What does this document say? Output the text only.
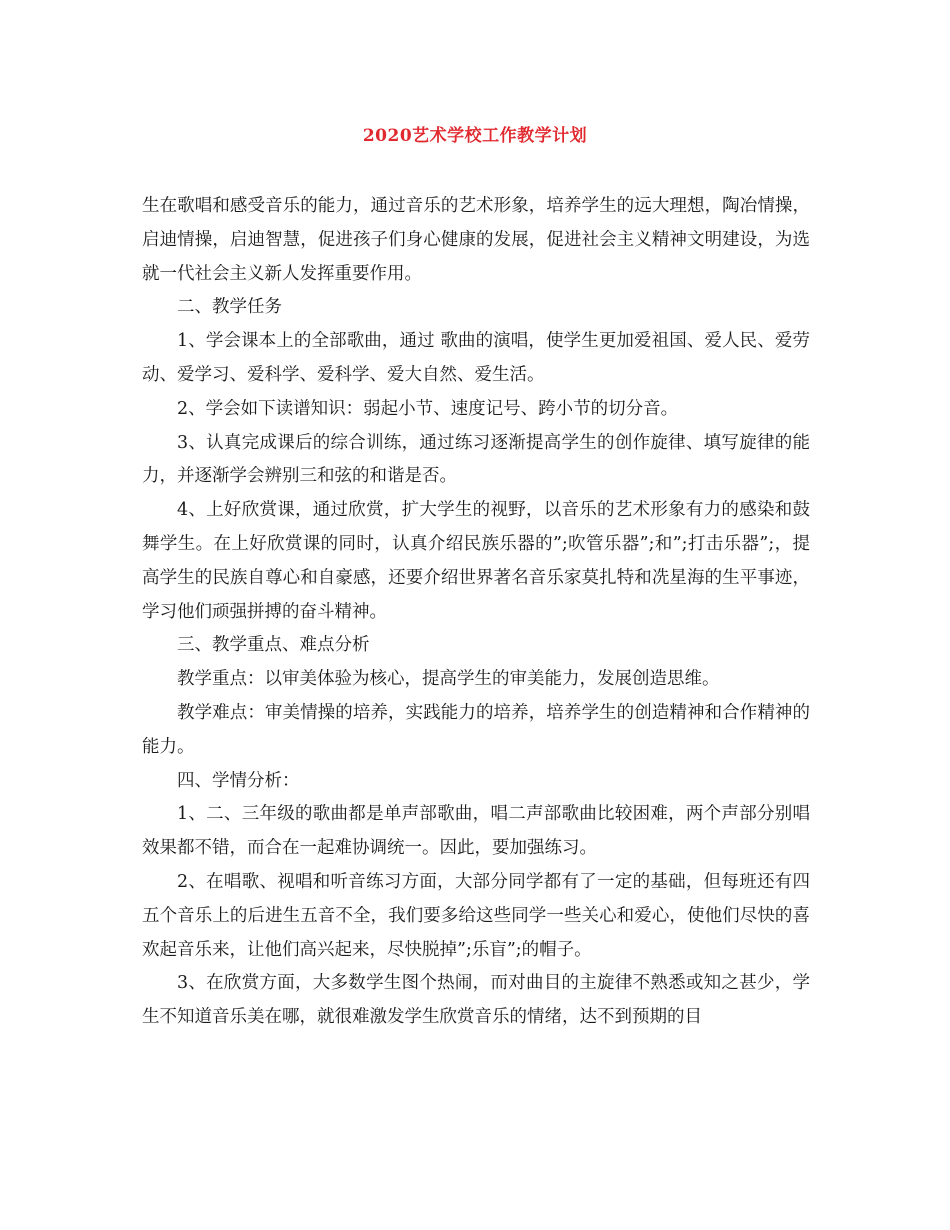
2020艺术学校工作教学计划

生在歌唱和感受音乐的能力，通过音乐的艺术形象，培养学生的远大理想，陶冶情操，启迪情操，启迪智慧，促进孩子们身心健康的发展，促进社会主义精神文明建设，为选就一代社会主义新人发挥重要作用。

二、教学任务

1、学会课本上的全部歌曲，通过 歌曲的演唱，使学生更加爱祖国、爱人民、爱劳动、爱学习、爱科学、爱科学、爱大自然、爱生活。

2、学会如下读谱知识：弱起小节、速度记号、跨小节的切分音。

3、认真完成课后的综合训练，通过练习逐渐提高学生的创作旋律、填写旋律的能力，并逐渐学会辨别三和弦的和谐是否。

4、上好欣赏课，通过欣赏，扩大学生的视野，以音乐的艺术形象有力的感染和鼓舞学生。在上好欣赏课的同时，认真介绍民族乐器的”;吹管乐器”;和”;打击乐器”;，提高学生的民族自尊心和自豪感，还要介绍世界著名音乐家莫扎特和冼星海的生平事迹，学习他们顽强拼搏的奋斗精神。

三、教学重点、难点分析

教学重点：以审美体验为核心，提高学生的审美能力，发展创造思维。

教学难点：审美情操的培养，实践能力的培养，培养学生的创造精神和合作精神的能力。

四、学情分析：

1、二、三年级的歌曲都是单声部歌曲，唱二声部歌曲比较困难，两个声部分别唱效果都不错，而合在一起难协调统一。因此，要加强练习。

2、在唱歌、视唱和听音练习方面，大部分同学都有了一定的基础，但每班还有四五个音乐上的后进生五音不全，我们要多给这些同学一些关心和爱心，使他们尽快的喜欢起音乐来，让他们高兴起来，尽快脱掉”;乐盲”;的帽子。

3、在欣赏方面，大多数学生图个热闹，而对曲目的主旋律不熟悉或知之甚少，学生不知道音乐美在哪，就很难激发学生欣赏音乐的情绪，达不到预期的目
